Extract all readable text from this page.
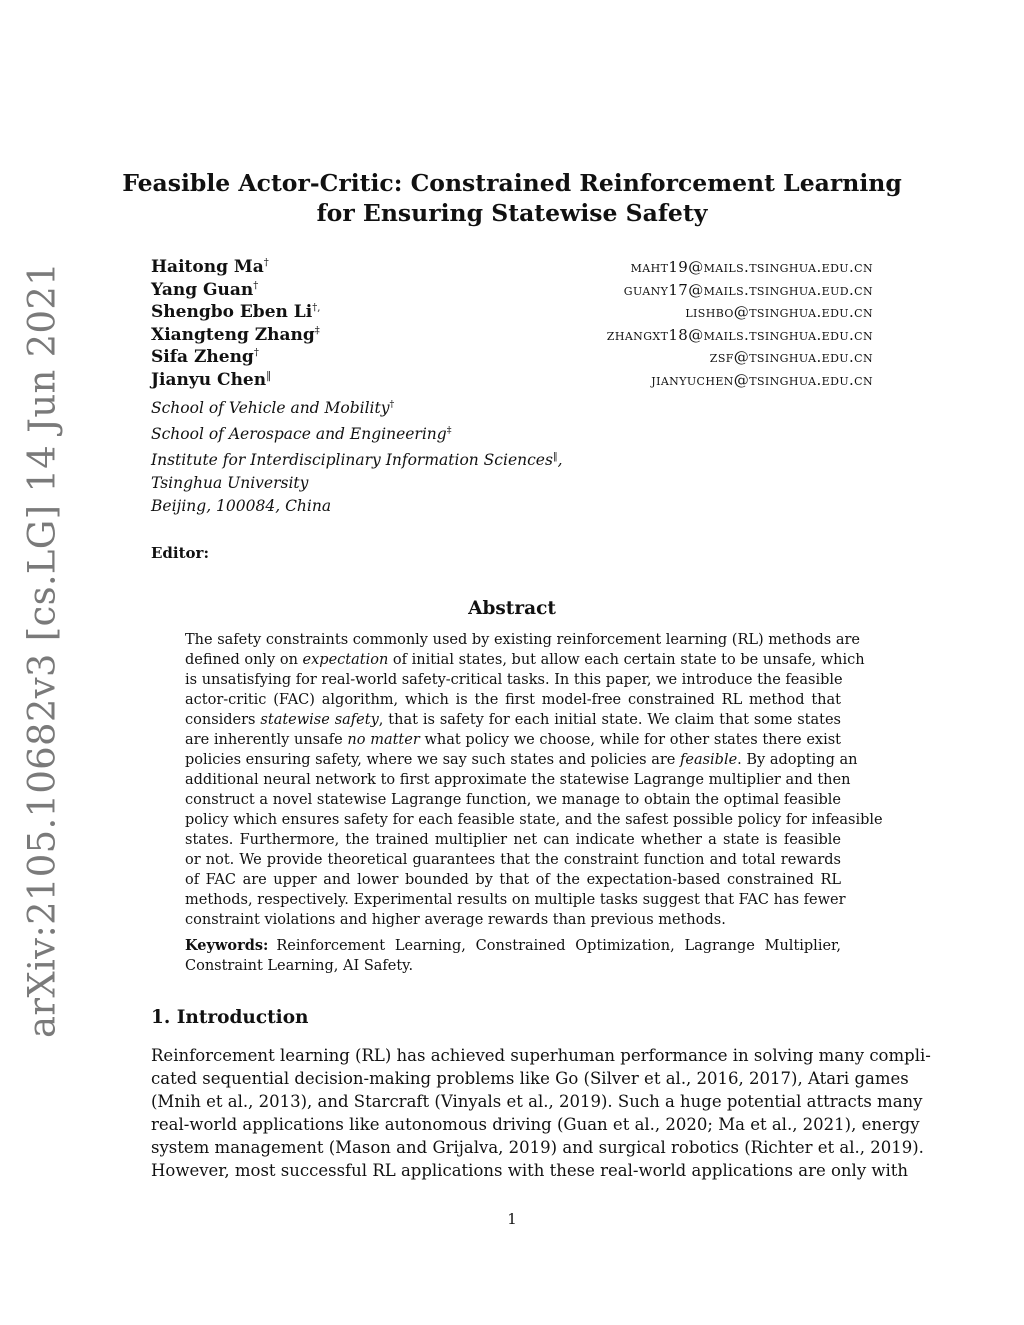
arXiv:2105.10682v3 [cs.LG] 14 Jun 2021
Feasible Actor-Critic: Constrained Reinforcement Learning
for Ensuring Statewise Safety
Haitong Ma†	maht19@mails.tsinghua.edu.cn
Yang Guan†	guany17@mails.tsinghua.eud.cn
Shengbo Eben Li†,	lishbo@tsinghua.edu.cn
Xiangteng Zhang‡	zhangxt18@mails.tsinghua.edu.cn
Sifa Zheng†	zsf@tsinghua.edu.cn
Jianyu Chen‖	jianyuchen@tsinghua.edu.cn
School of Vehicle and Mobility†
School of Aerospace and Engineering‡
Institute for Interdisciplinary Information Sciences‖,
Tsinghua University
Beijing, 100084, China
Editor:
Abstract
The safety constraints commonly used by existing reinforcement learning (RL) methods are
defined only on expectation of initial states, but allow each certain state to be unsafe, which
is unsatisfying for real-world safety-critical tasks. In this paper, we introduce the feasible
actor-critic (FAC) algorithm, which is the first model-free constrained RL method that
considers statewise safety, that is safety for each initial state. We claim that some states
are inherently unsafe no matter what policy we choose, while for other states there exist
policies ensuring safety, where we say such states and policies are feasible. By adopting an
additional neural network to first approximate the statewise Lagrange multiplier and then
construct a novel statewise Lagrange function, we manage to obtain the optimal feasible
policy which ensures safety for each feasible state, and the safest possible policy for infeasible
states. Furthermore, the trained multiplier net can indicate whether a state is feasible
or not. We provide theoretical guarantees that the constraint function and total rewards
of FAC are upper and lower bounded by that of the expectation-based constrained RL
methods, respectively. Experimental results on multiple tasks suggest that FAC has fewer
constraint violations and higher average rewards than previous methods.
Keywords: Reinforcement Learning, Constrained Optimization, Lagrange Multiplier,
Constraint Learning, AI Safety.
1. Introduction
Reinforcement learning (RL) has achieved superhuman performance in solving many compli-
cated sequential decision-making problems like Go (Silver et al., 2016, 2017), Atari games
(Mnih et al., 2013), and Starcraft (Vinyals et al., 2019). Such a huge potential attracts many
real-world applications like autonomous driving (Guan et al., 2020; Ma et al., 2021), energy
system management (Mason and Grijalva, 2019) and surgical robotics (Richter et al., 2019).
However, most successful RL applications with these real-world applications are only with
1
